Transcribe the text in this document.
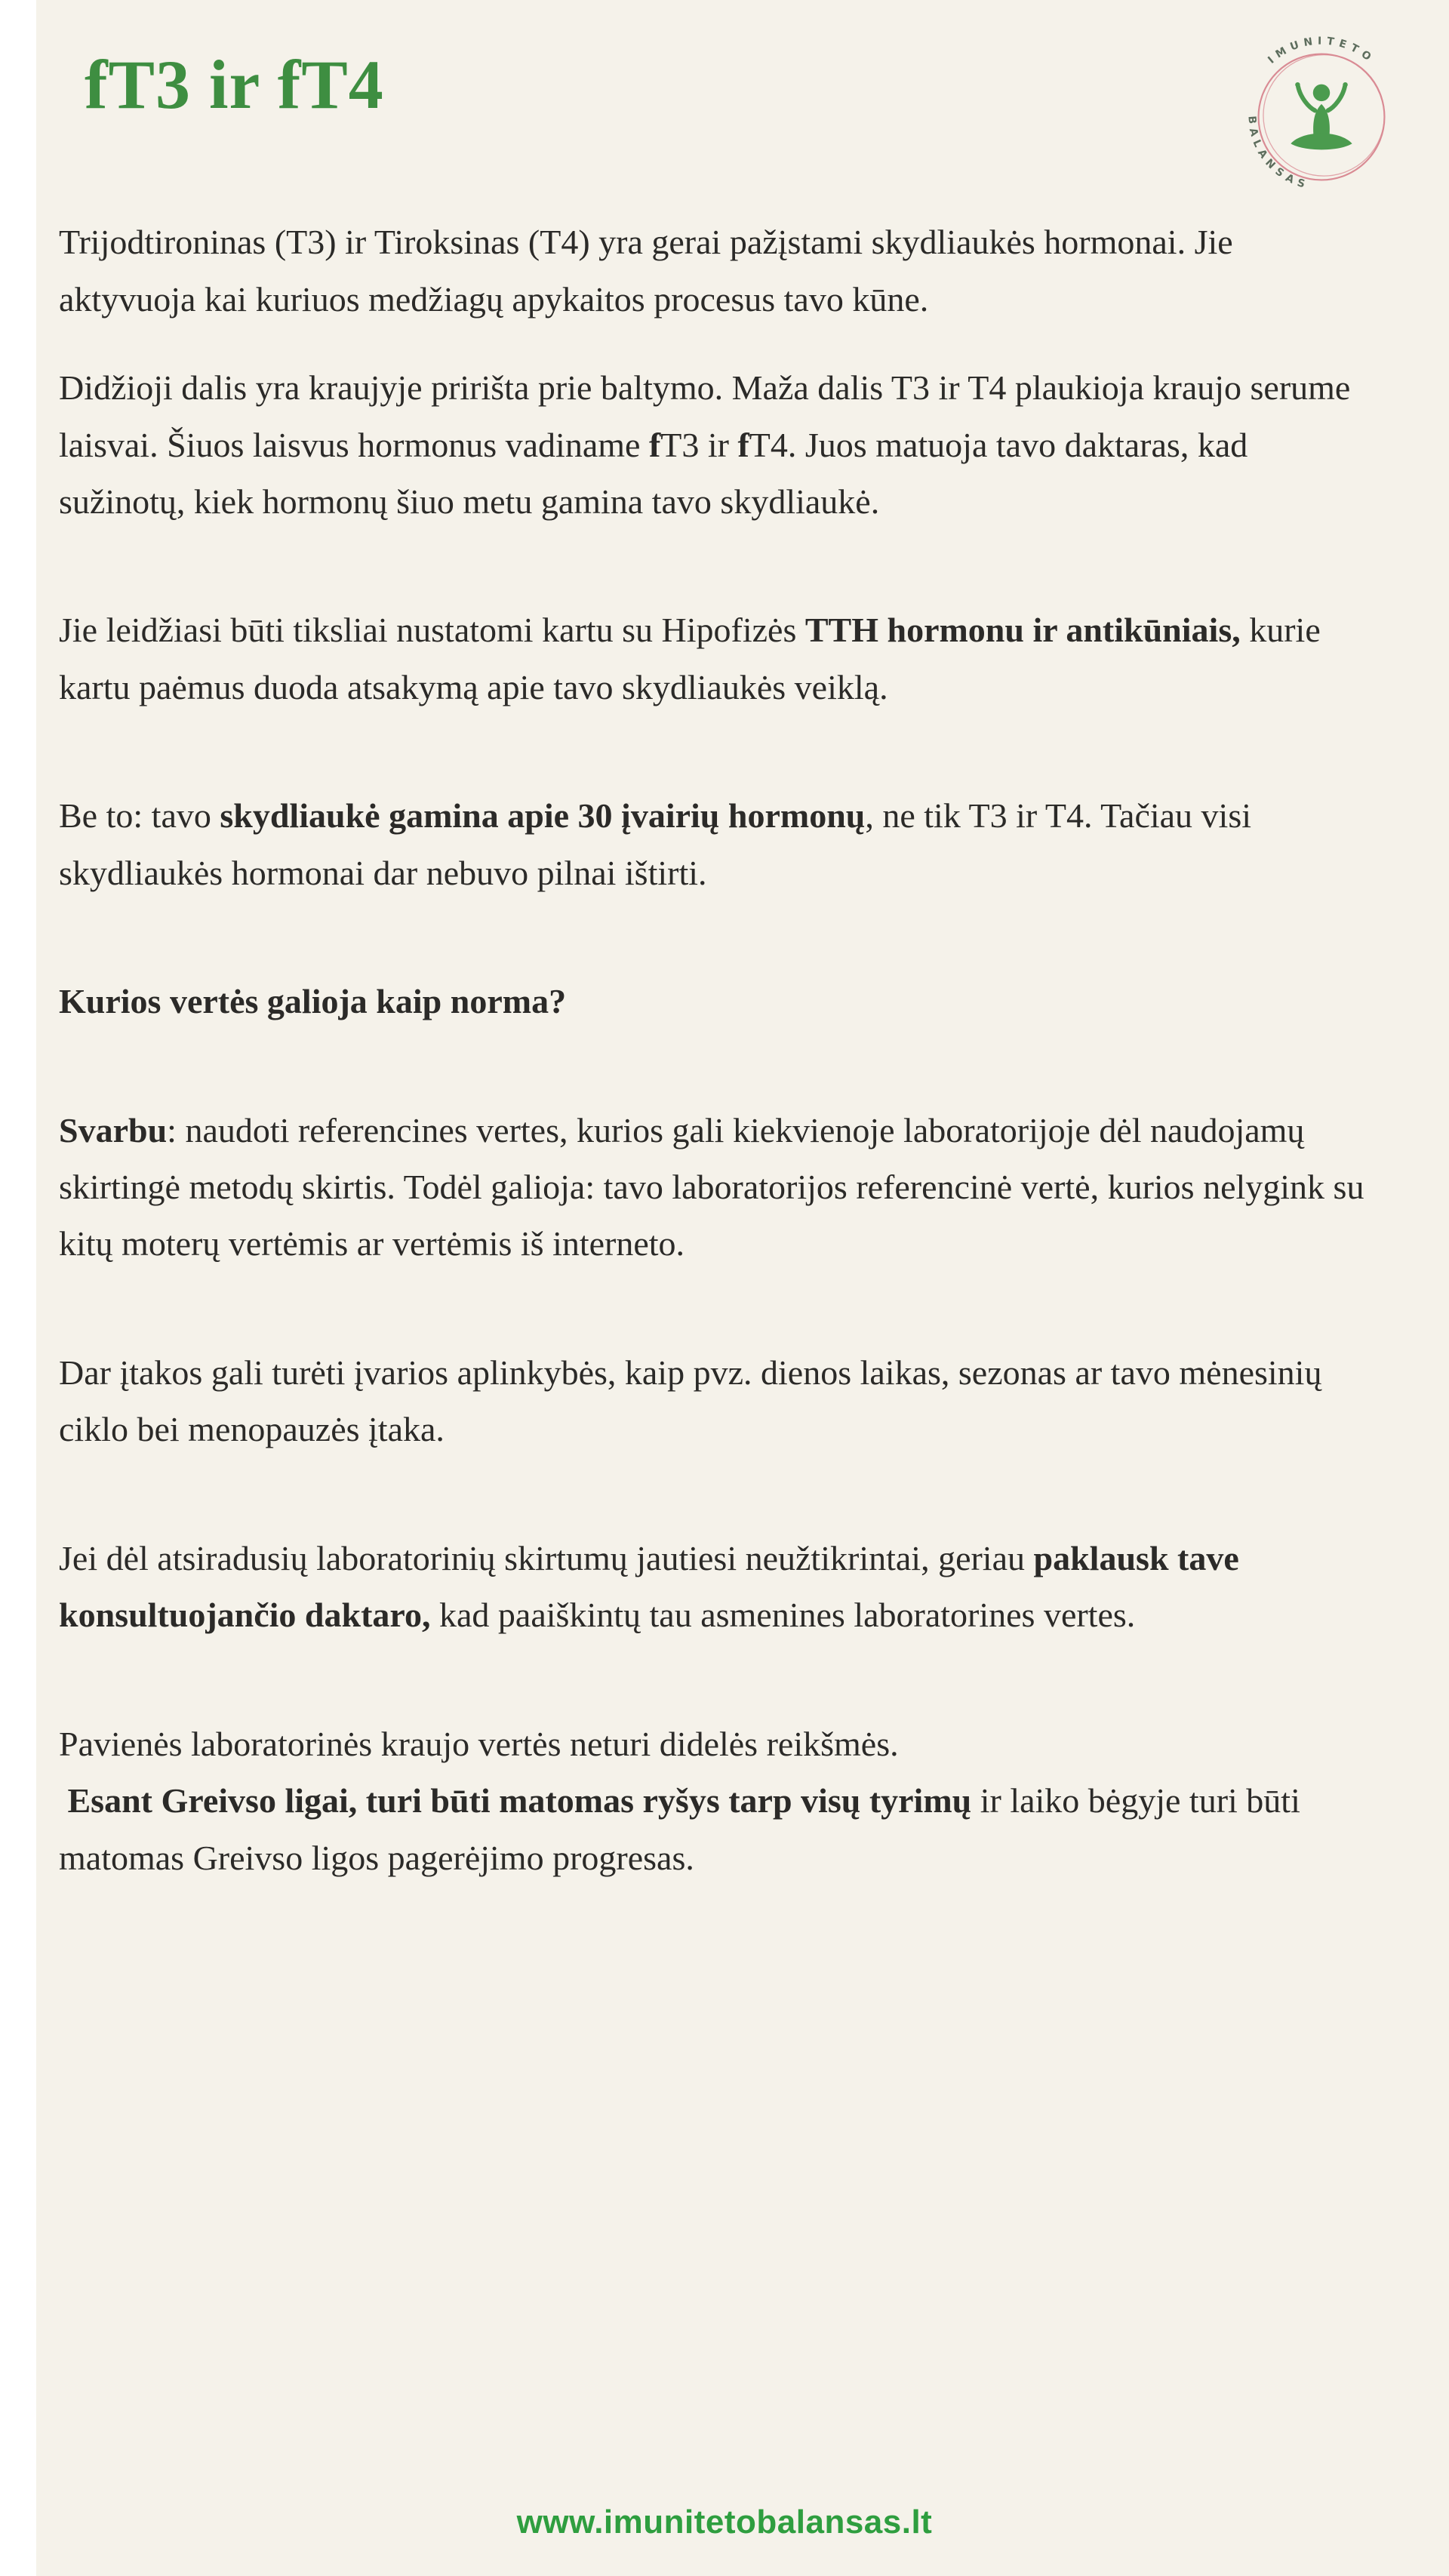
fT3 ir fT4	IMUNITETO
BALANSAS

Trijodtironinas (T3) ir Tiroksinas (T4) yra gerai pažįstami skydliaukės hormonai. Jie aktyvuoja kai kuriuos medžiagų apykaitos procesus tavo kūne.

Didžioji dalis yra kraujyje pririšta prie baltymo. Maža dalis T3 ir T4 plaukioja kraujo serume laisvai. Šiuos laisvus hormonus vadiname fT3 ir fT4. Juos matuoja tavo daktaras, kad sužinotų, kiek hormonų šiuo metu gamina tavo skydliaukė.

Jie leidžiasi būti tiksliai nustatomi kartu su Hipofizės TTH hormonu ir antikūniais, kurie kartu paėmus duoda atsakymą apie tavo skydliaukės veiklą.

Be to: tavo skydliaukė gamina apie 30 įvairių hormonų, ne tik T3 ir T4. Tačiau visi skydliaukės hormonai dar nebuvo pilnai ištirti.

Kurios vertės galioja kaip norma?

Svarbu: naudoti referencines vertes, kurios gali kiekvienoje laboratorijoje dėl naudojamų skirtingė metodų skirtis. Todėl galioja: tavo laboratorijos referencinė vertė, kurios nelygink su kitų moterų vertėmis ar vertėmis iš interneto.

Dar įtakos gali turėti įvarios aplinkybės, kaip pvz. dienos laikas, sezonas ar tavo mėnesinių ciklo bei menopauzės įtaka.

Jei dėl atsiradusių laboratorinių skirtumų jautiesi neužtikrintai, geriau paklausk tave konsultuojančio daktaro, kad paaiškintų tau asmenines laboratorines vertes.

Pavienės laboratorinės kraujo vertės neturi didelės reikšmės.
Esant Greivso ligai, turi būti matomas ryšys tarp visų tyrimų ir laiko bėgyje turi būti matomas Greivso ligos pagerėjimo progresas.

www.imunitetobalansas.lt
